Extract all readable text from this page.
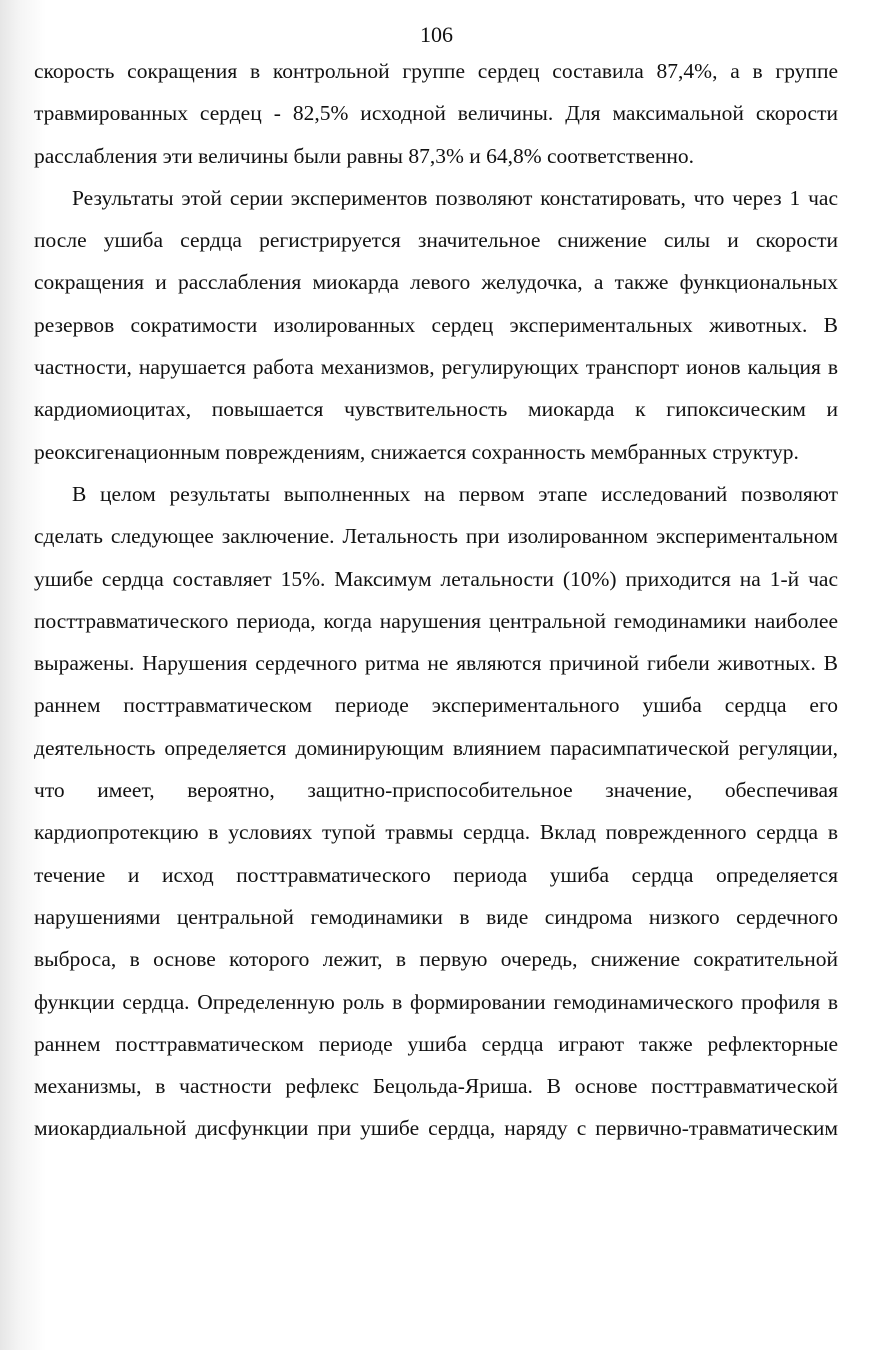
106

скорость сокращения в контрольной группе сердец составила 87,4%, а в группе травмированных сердец - 82,5% исходной величины. Для максимальной скорости расслабления эти величины были равны 87,3% и 64,8% соответственно.

Результаты этой серии экспериментов позволяют констатировать, что через 1 час после ушиба сердца регистрируется значительное снижение силы и скорости сокращения и расслабления миокарда левого желудочка, а также функциональных резервов сократимости изолированных сердец экспериментальных животных. В частности, нарушается работа механизмов, регулирующих транспорт ионов кальция в кардиомиоцитах, повышается чувствительность миокарда к гипоксическим и реоксигенационным повреждениям, снижается сохранность мембранных структур.

В целом результаты выполненных на первом этапе исследований позволяют сделать следующее заключение. Летальность при изолированном экспериментальном ушибе сердца составляет 15%. Максимум летальности (10%) приходится на 1-й час посттравматического периода, когда нарушения центральной гемодинамики наиболее выражены. Нарушения сердечного ритма не являются причиной гибели животных. В раннем посттравматическом периоде экспериментального ушиба сердца его деятельность определяется доминирующим влиянием парасимпатической регуляции, что имеет, вероятно, защитно-приспособительное значение, обеспечивая кардиопротекцию в условиях тупой травмы сердца. Вклад поврежденного сердца в течение и исход посттравматического периода ушиба сердца определяется нарушениями центральной гемодинамики в виде синдрома низкого сердечного выброса, в основе которого лежит, в первую очередь, снижение сократительной функции сердца. Определенную роль в формировании гемодинамического профиля в раннем посттравматическом периоде ушиба сердца играют также рефлекторные механизмы, в частности рефлекс Бецольда-Яриша. В основе посттравматической миокардиальной дисфункции при ушибе сердца, наряду с первично-травматическим
